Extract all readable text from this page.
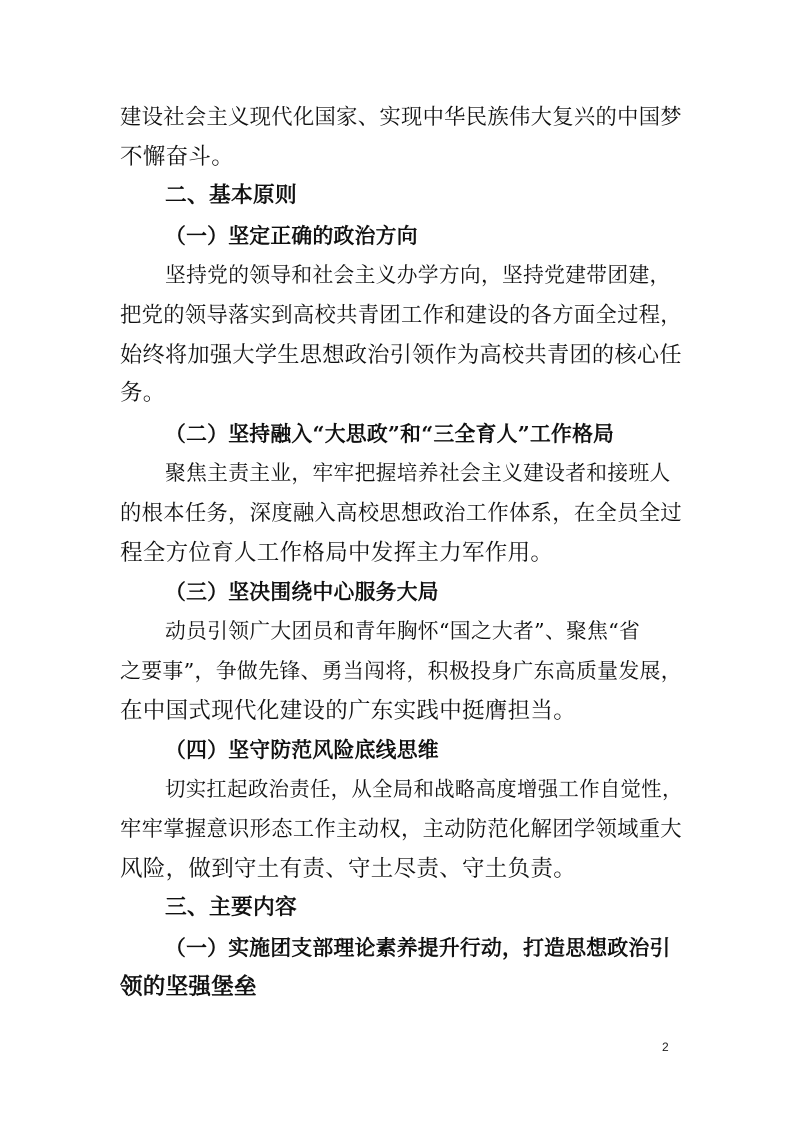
建设社会主义现代化国家、实现中华民族伟大复兴的中国梦

不懈奋斗。

二、基本原则

（一）坚定正确的政治方向

坚持党的领导和社会主义办学方向，坚持党建带团建，

把党的领导落实到高校共青团工作和建设的各方面全过程，

始终将加强大学生思想政治引领作为高校共青团的核心任

务。

（二）坚持融入“大思政”和“三全育人”工作格局

聚焦主责主业，牢牢把握培养社会主义建设者和接班人

的根本任务，深度融入高校思想政治工作体系，在全员全过

程全方位育人工作格局中发挥主力军作用。

（三）坚决围绕中心服务大局

动员引领广大团员和青年胸怀“国之大者”、聚焦“省

之要事”，争做先锋、勇当闯将，积极投身广东高质量发展，

在中国式现代化建设的广东实践中挺膺担当。

（四）坚守防范风险底线思维

切实扛起政治责任，从全局和战略高度增强工作自觉性，

牢牢掌握意识形态工作主动权，主动防范化解团学领域重大

风险，做到守土有责、守土尽责、守土负责。

三、主要内容

（一）实施团支部理论素养提升行动，打造思想政治引

领的坚强堡垒

2
